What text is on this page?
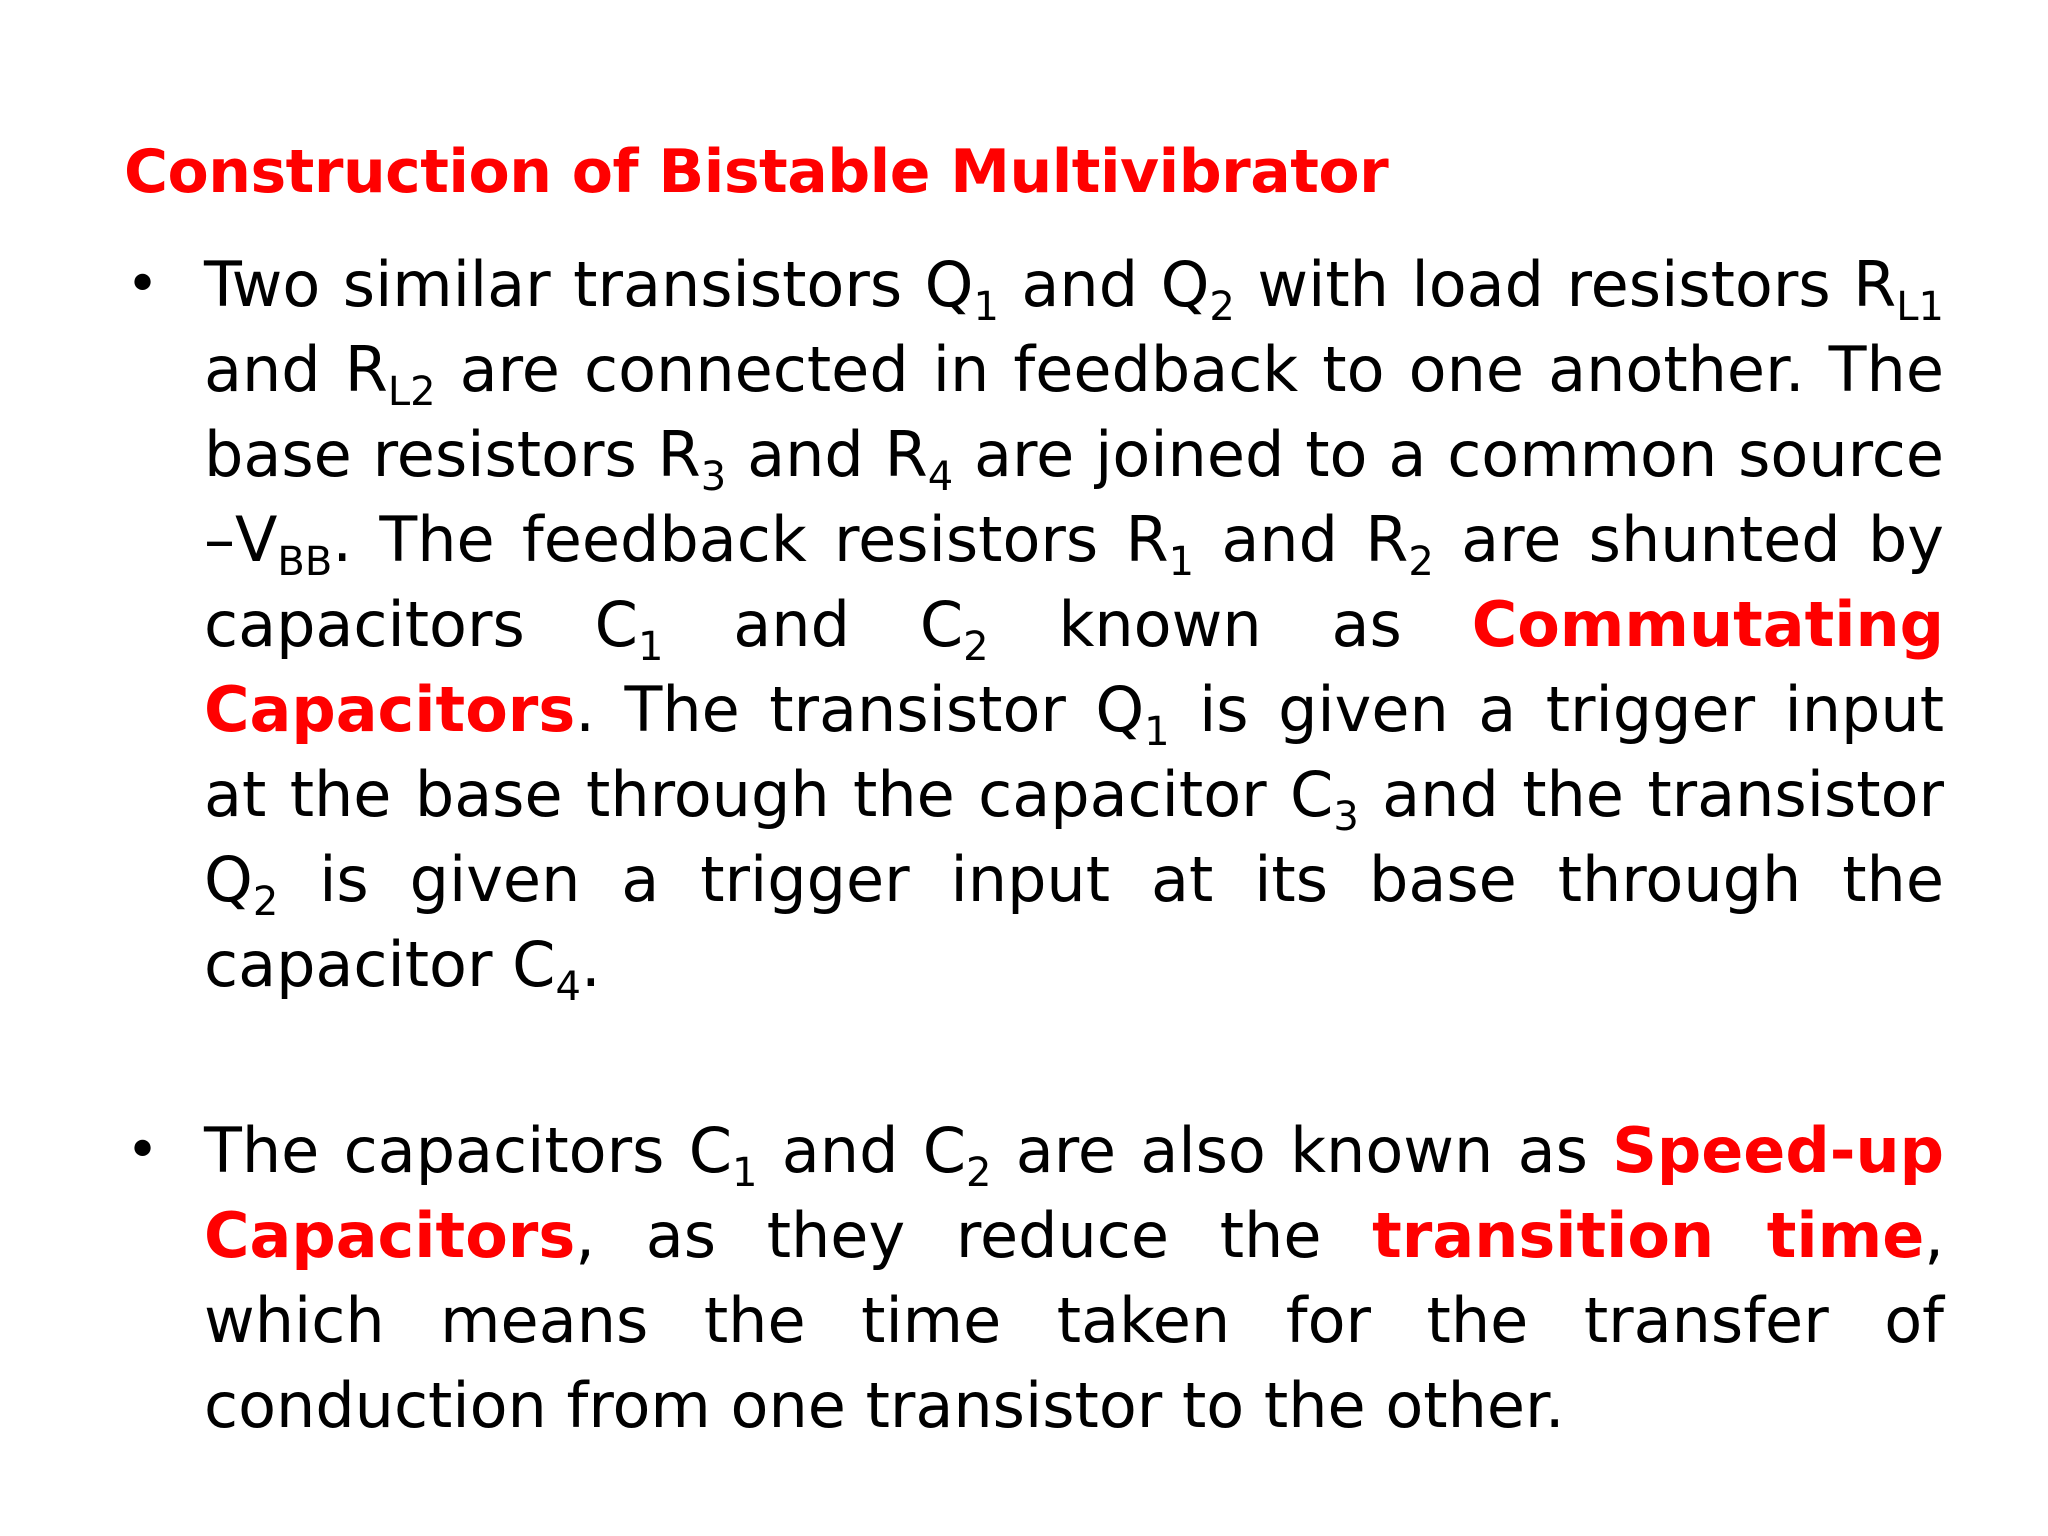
Construction of Bistable Multivibrator
• Two similar transistors $Q_1$ and $Q_2$ with load resistors $R_{L1}$ and $R_{L2}$ are connected in feedback to one another. The base resistors $R_3$ and $R_4$ are joined to a common source $-V_{BB}$. The feedback resistors $R_1$ and $R_2$ are shunted by capacitors $C_1$ and $C_2$ known as Commutating Capacitors. The transistor $Q_1$ is given a trigger input at the base through the capacitor $C_3$ and the transistor $Q_2$ is given a trigger input at its base through the capacitor $C_4$.
• The capacitors $C_1$ and $C_2$ are also known as Speed-up Capacitors, as they reduce the transition time, which means the time taken for the transfer of conduction from one transistor to the other.
